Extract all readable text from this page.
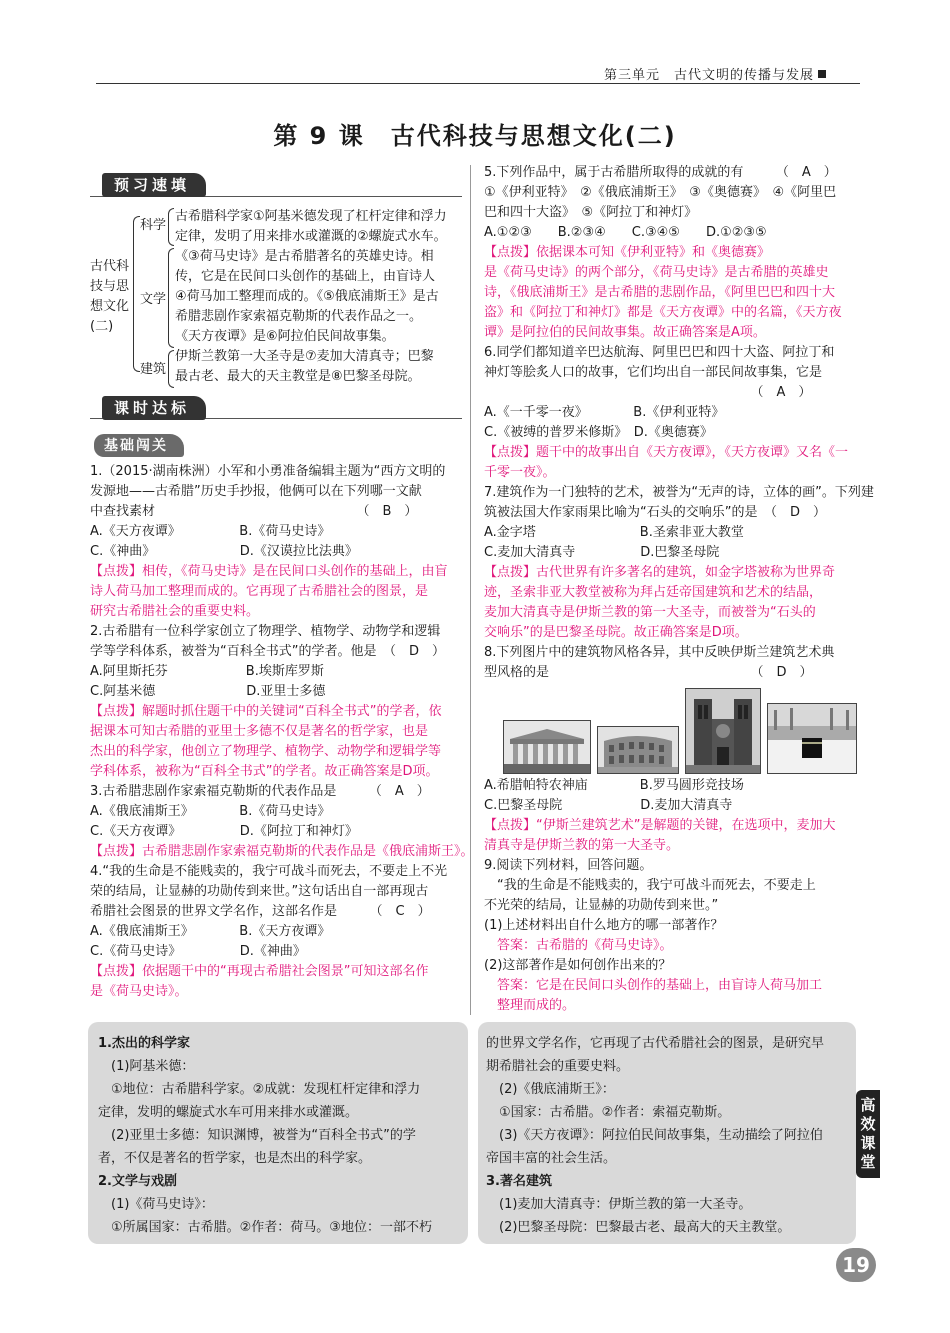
第三单元　古代文明的传播与发展
第 9 课　古代科技与思想文化(二)
预习速填
古代科
技与思
想文化
(二)
科学
文学
建筑
古希腊科学家①阿基米德发现了杠杆定律和浮力
定律，发明了用来排水或灌溉的②螺旋式水车。
《③荷马史诗》是古希腊著名的英雄史诗。相
传，它是在民间口头创作的基础上，由盲诗人
④荷马加工整理而成的。《⑤俄底浦斯王》是古
希腊悲剧作家索福克勒斯的代表作品之一。
《天方夜谭》是⑥阿拉伯民间故事集。
伊斯兰教第一大圣寺是⑦麦加大清真寺；巴黎
最古老、最大的天主教堂是⑧巴黎圣母院。
课时达标
基础闯关
1.（2015·湖南株洲）小军和小勇准备编辑主题为“西方文明的
发源地——古希腊”历史手抄报，他俩可以在下列哪一文献
中查找素材　　　　　　　　　　　　　　　　（　B　）
A.《天方夜谭》　　　　　B.《荷马史诗》
C.《神曲》　　　　　　　D.《汉谟拉比法典》
【点拨】相传，《荷马史诗》是在民间口头创作的基础上，由盲
诗人荷马加工整理而成的。它再现了古希腊社会的图景，是
研究古希腊社会的重要史料。
2.古希腊有一位科学家创立了物理学、植物学、动物学和逻辑
学等学科体系，被誉为“百科全书式”的学者。他是　（　D　）
A.阿里斯托芬　　　　　　B.埃斯库罗斯
C.阿基米德　　　　　　　D.亚里士多德
【点拨】解题时抓住题干中的关键词“百科全书式”的学者，依
据课本可知古希腊的亚里士多德不仅是著名的哲学家，也是
杰出的科学家，他创立了物理学、植物学、动物学和逻辑学等
学科体系，被称为“百科全书式”的学者。故正确答案是D项。
3.古希腊悲剧作家索福克勒斯的代表作品是　　　（　A　）
A.《俄底浦斯王》　　　　B.《荷马史诗》
C.《天方夜谭》　　　　　D.《阿拉丁和神灯》
【点拨】古希腊悲剧作家索福克勒斯的代表作品是《俄底浦斯王》。
4.“我的生命是不能贱卖的，我宁可战斗而死去，不要走上不光
荣的结局，让显赫的功勋传到来世。”这句话出自一部再现古
希腊社会图景的世界文学名作，这部名作是　　　（　C　）
A.《俄底浦斯王》　　　　B.《天方夜谭》
C.《荷马史诗》　　　　　D.《神曲》
【点拨】依据题干中的“再现古希腊社会图景”可知这部名作
是《荷马史诗》。
5.下列作品中，属于古希腊所取得的成就的有　　　（　A　）
①《伊利亚特》　②《俄底浦斯王》　③《奥德赛》　④《阿里巴
巴和四十大盗》　⑤《阿拉丁和神灯》
A.①②③　　B.②③④　　C.③④⑤　　D.①②③⑤
【点拨】依据课本可知《伊利亚特》和《奥德赛》
是《荷马史诗》的两个部分，《荷马史诗》是古希腊的英雄史
诗，《俄底浦斯王》是古希腊的悲剧作品，《阿里巴巴和四十大
盗》和《阿拉丁和神灯》都是《天方夜谭》中的名篇，《天方夜
谭》是阿拉伯的民间故事集。故正确答案是A项。
6.同学们都知道辛巴达航海、阿里巴巴和四十大盗、阿拉丁和
神灯等脍炙人口的故事，它们均出自一部民间故事集，它是
　　　　　　　　　　　　　　　　　　　　　（　A　）
A.《一千零一夜》　　　　B.《伊利亚特》
C.《被缚的普罗米修斯》　D.《奥德赛》
【点拨】题干中的故事出自《天方夜谭》，《天方夜谭》又名《一
千零一夜》。
7.建筑作为一门独特的艺术，被誉为“无声的诗，立体的画”。下列建
筑被法国大作家雨果比喻为“石头的交响乐”的是　（　D　）
A.金字塔　　　　　　　　B.圣索非亚大教堂
C.麦加大清真寺　　　　　D.巴黎圣母院
【点拨】古代世界有许多著名的建筑，如金字塔被称为世界奇
迹，圣索非亚大教堂被称为拜占廷帝国建筑和艺术的结晶，
麦加大清真寺是伊斯兰教的第一大圣寺，而被誉为“石头的
交响乐”的是巴黎圣母院。故正确答案是D项。
8.下列图片中的建筑物风格各异，其中反映伊斯兰建筑艺术典
型风格的是　　　　　　　　　　　　　　　　（　D　）
A.希腊帕特农神庙　　　　B.罗马圆形竞技场
C.巴黎圣母院　　　　　　D.麦加大清真寺
【点拨】“伊斯兰建筑艺术”是解题的关键，在选项中，麦加大
清真寺是伊斯兰教的第一大圣寺。
9.阅读下列材料，回答问题。
　“我的生命是不能贱卖的，我宁可战斗而死去，不要走上
不光荣的结局，让显赫的功勋传到来世。”
(1)上述材料出自什么地方的哪一部著作？
　答案：古希腊的《荷马史诗》。
(2)这部著作是如何创作出来的？
　答案：它是在民间口头创作的基础上，由盲诗人荷马加工
　整理而成的。
1.杰出的科学家
　(1)阿基米德：
　①地位：古希腊科学家。②成就：发现杠杆定律和浮力
定律，发明的螺旋式水车可用来排水或灌溉。
　(2)亚里士多德：知识渊博，被誉为“百科全书式”的学
者，不仅是著名的哲学家，也是杰出的科学家。
2.文学与戏剧
　(1)《荷马史诗》：
　①所属国家：古希腊。②作者：荷马。③地位：一部不朽
的世界文学名作，它再现了古代希腊社会的图景，是研究早
期希腊社会的重要史料。
　(2)《俄底浦斯王》：
　①国家：古希腊。②作者：索福克勒斯。
　(3)《天方夜谭》：阿拉伯民间故事集，生动描绘了阿拉伯
帝国丰富的社会生活。
3.著名建筑
　(1)麦加大清真寺：伊斯兰教的第一大圣寺。
　(2)巴黎圣母院：巴黎最古老、最高大的天主教堂。
高
效
课
堂
19
